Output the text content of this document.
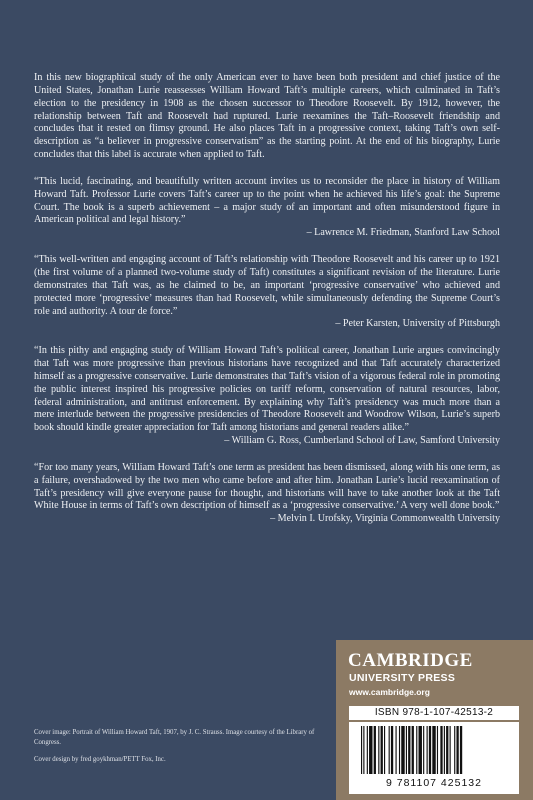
In this new biographical study of the only American ever to have been both president and chief justice of the United States, Jonathan Lurie reassesses William Howard Taft’s multiple careers, which culminated in Taft’s election to the presidency in 1908 as the chosen successor to Theodore Roosevelt. By 1912, however, the relationship between Taft and Roosevelt had ruptured. Lurie reexamines the Taft–Roosevelt friendship and concludes that it rested on flimsy ground. He also places Taft in a progressive context, taking Taft’s own self-description as “a believer in progressive conservatism” as the starting point. At the end of his biography, Lurie concludes that this label is accurate when applied to Taft.

“This lucid, fascinating, and beautifully written account invites us to reconsider the place in history of William Howard Taft. Professor Lurie covers Taft’s career up to the point when he achieved his life’s goal: the Supreme Court. The book is a superb achievement – a major study of an important and often misunderstood figure in American political and legal history.”

– Lawrence M. Friedman, Stanford Law School

“This well-written and engaging account of Taft’s relationship with Theodore Roosevelt and his career up to 1921 (the first volume of a planned two-volume study of Taft) constitutes a significant revision of the literature. Lurie demonstrates that Taft was, as he claimed to be, an important ‘progressive conservative’ who achieved and protected more ‘progressive’ measures than had Roosevelt, while simultaneously defending the Supreme Court’s role and authority. A tour de force.”

– Peter Karsten, University of Pittsburgh

“In this pithy and engaging study of William Howard Taft’s political career, Jonathan Lurie argues convincingly that Taft was more progressive than previous historians have recognized and that Taft accurately characterized himself as a progressive conservative. Lurie demonstrates that Taft’s vision of a vigorous federal role in promoting the public interest inspired his progressive policies on tariff reform, conservation of natural resources, labor, federal administration, and antitrust enforcement. By explaining why Taft’s presidency was much more than a mere interlude between the progressive presidencies of Theodore Roosevelt and Woodrow Wilson, Lurie’s superb book should kindle greater appreciation for Taft among historians and general readers alike.”

– William G. Ross, Cumberland School of Law, Samford University

“For too many years, William Howard Taft’s one term as president has been dismissed, along with his one term, as a failure, overshadowed by the two men who came before and after him. Jonathan Lurie’s lucid reexamination of Taft’s presidency will give everyone pause for thought, and historians will have to take another look at the Taft White House in terms of Taft’s own description of himself as a ‘progressive conservative.’ A very well done book.”

– Melvin I. Urofsky, Virginia Commonwealth University

CAMBRIDGE
UNIVERSITY PRESS
www.cambridge.org
ISBN 978-1-107-42513-2
9 781107 425132

Cover image: Portrait of William Howard Taft, 1907, by J. C. Strauss. Image courtesy of the Library of Congress.

Cover design by fred goykhman/PETT Fox, Inc.
